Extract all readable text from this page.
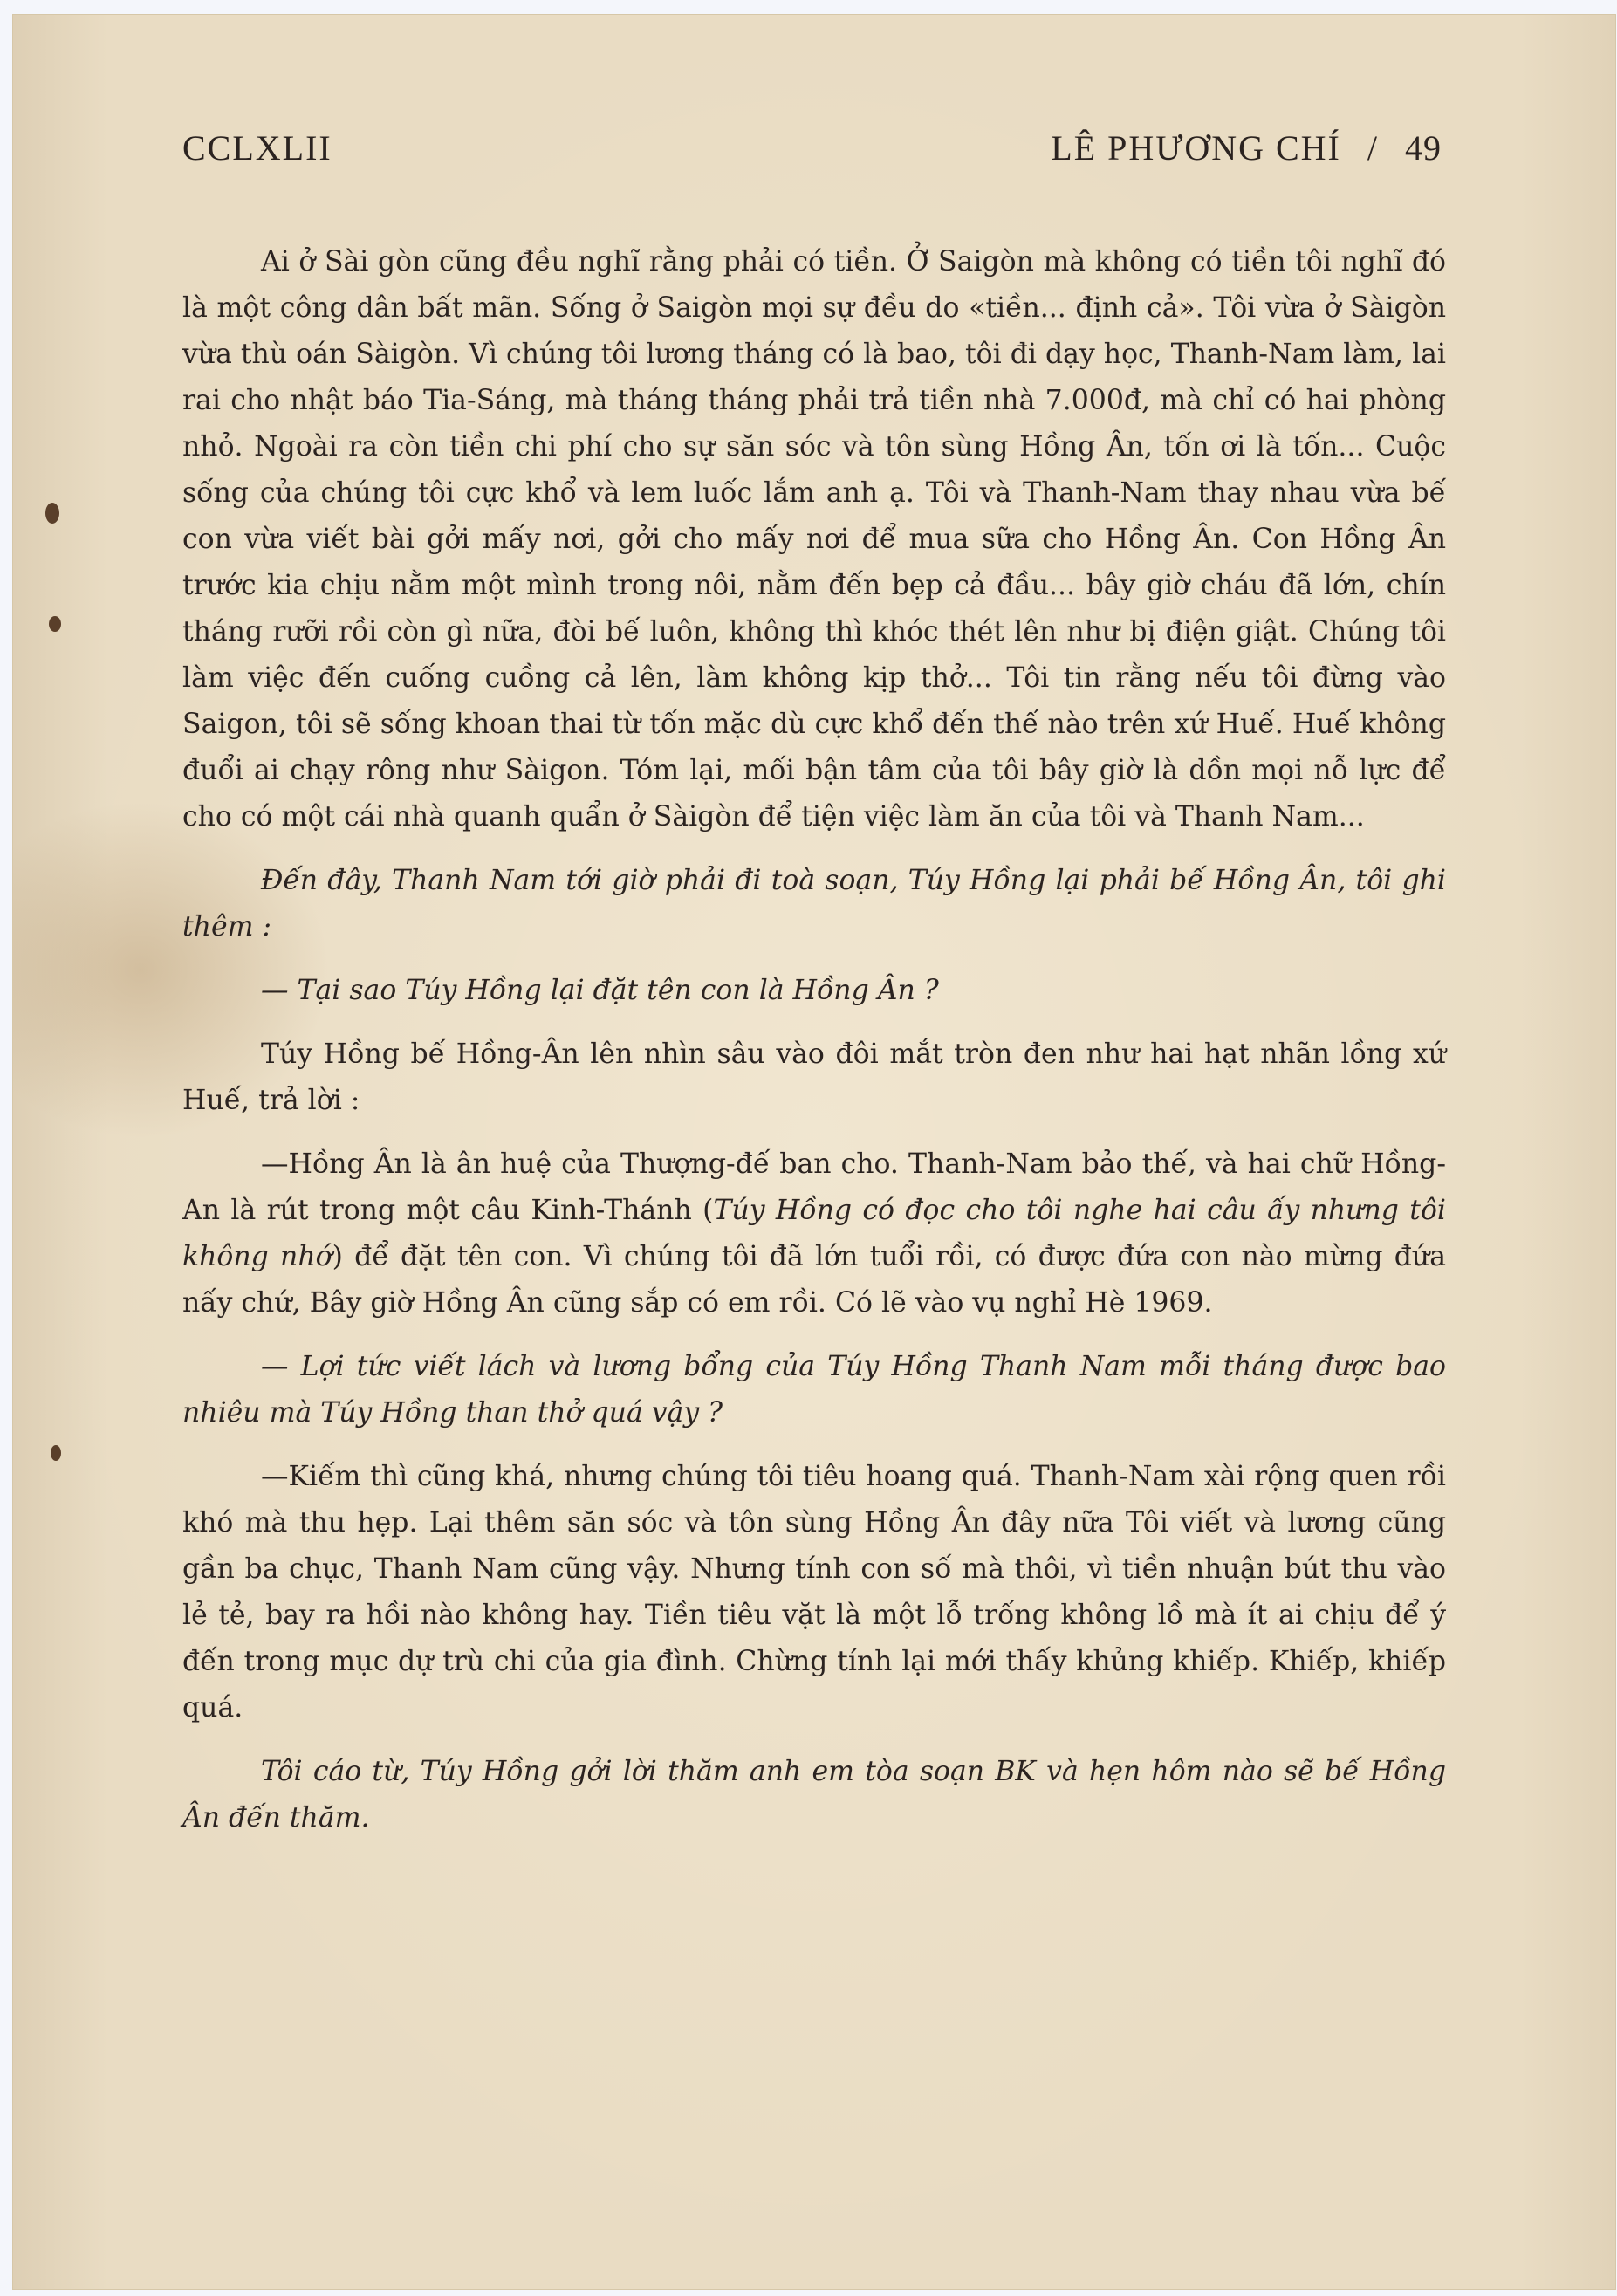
CCLXLII	LÊ PHƯƠNG CHÍ / 49

Ai ở Sài gòn cũng đều nghĩ rằng phải có tiền. Ở Saigòn mà không có tiền tôi nghĩ đó là một công dân bất mãn. Sống ở Saigòn mọi sự đều do «tiền... định cả». Tôi vừa ở Sàigòn vừa thù oán Sàigòn. Vì chúng tôi lương tháng có là bao, tôi đi dạy học, Thanh-Nam làm, lai rai cho nhật báo Tia-Sáng, mà tháng tháng phải trả tiền nhà 7.000đ, mà chỉ có hai phòng nhỏ. Ngoài ra còn tiền chi phí cho sự săn sóc và tôn sùng Hồng Ân, tốn ơi là tốn... Cuộc sống của chúng tôi cực khổ và lem luốc lắm anh ạ. Tôi và Thanh-Nam thay nhau vừa bế con vừa viết bài gởi mấy nơi, gởi cho mấy nơi để mua sữa cho Hồng Ân. Con Hồng Ân trước kia chịu nằm một mình trong nôi, nằm đến bẹp cả đầu... bây giờ cháu đã lớn, chín tháng rưỡi rồi còn gì nữa, đòi bế luôn, không thì khóc thét lên như bị điện giật. Chúng tôi làm việc đến cuống cuồng cả lên, làm không kịp thở... Tôi tin rằng nếu tôi đừng vào Saigon, tôi sẽ sống khoan thai từ tốn mặc dù cực khổ đến thế nào trên xứ Huế. Huế không đuổi ai chạy rông như Sàigon. Tóm lại, mối bận tâm của tôi bây giờ là dồn mọi nỗ lực để cho có một cái nhà quanh quẩn ở Sàigòn để tiện việc làm ăn của tôi và Thanh Nam...

Đến đây, Thanh Nam tới giờ phải đi toà soạn, Túy Hồng lại phải bế Hồng Ân, tôi ghi thêm :

— Tại sao Túy Hồng lại đặt tên con là Hồng Ân ?

Túy Hồng bế Hồng-Ân lên nhìn sâu vào đôi mắt tròn đen như hai hạt nhãn lồng xứ Huế, trả lời :

—Hồng Ân là ân huệ của Thượng-đế ban cho. Thanh-Nam bảo thế, và hai chữ Hồng-An là rút trong một câu Kinh-Thánh (Túy Hồng có đọc cho tôi nghe hai câu ấy nhưng tôi không nhớ) để đặt tên con. Vì chúng tôi đã lớn tuổi rồi, có được đứa con nào mừng đứa nấy chứ, Bây giờ Hồng Ân cũng sắp có em rồi. Có lẽ vào vụ nghỉ Hè 1969.

— Lợi tức viết lách và lương bổng của Túy Hồng Thanh Nam mỗi tháng được bao nhiêu mà Túy Hồng than thở quá vậy ?

—Kiếm thì cũng khá, nhưng chúng tôi tiêu hoang quá. Thanh-Nam xài rộng quen rồi khó mà thu hẹp. Lại thêm săn sóc và tôn sùng Hồng Ân đây nữa Tôi viết và lương cũng gần ba chục, Thanh Nam cũng vậy. Nhưng tính con số mà thôi, vì tiền nhuận bút thu vào lẻ tẻ, bay ra hồi nào không hay. Tiền tiêu vặt là một lỗ trống không lồ mà ít ai chịu để ý đến trong mục dự trù chi của gia đình. Chừng tính lại mới thấy khủng khiếp. Khiếp, khiếp quá.

Tôi cáo từ, Túy Hồng gởi lời thăm anh em tòa soạn BK và hẹn hôm nào sẽ bế Hồng Ân đến thăm.
